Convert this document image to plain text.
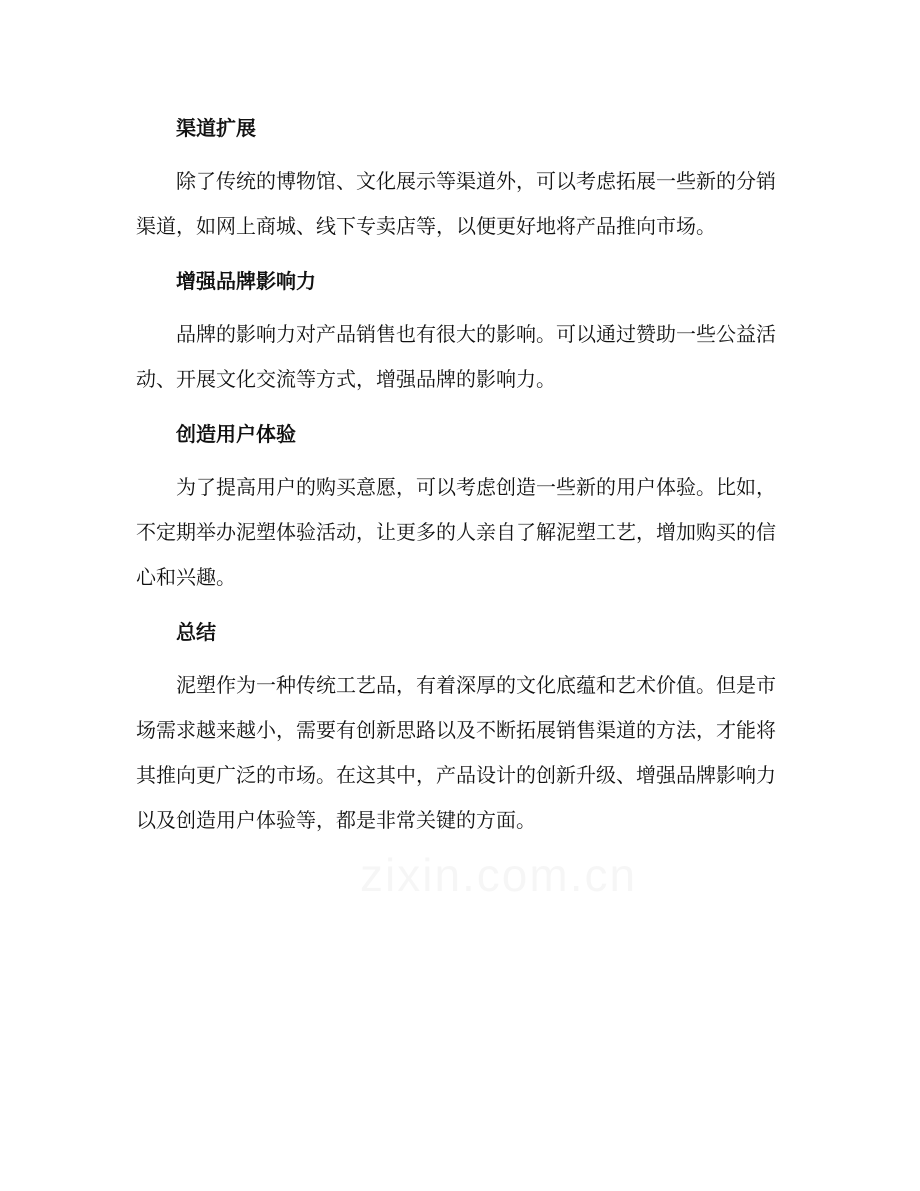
渠道扩展
除了传统的博物馆、文化展示等渠道外，可以考虑拓展一些新的分销渠道，如网上商城、线下专卖店等，以便更好地将产品推向市场。
增强品牌影响力
品牌的影响力对产品销售也有很大的影响。可以通过赞助一些公益活动、开展文化交流等方式，增强品牌的影响力。
创造用户体验
为了提高用户的购买意愿，可以考虑创造一些新的用户体验。比如，不定期举办泥塑体验活动，让更多的人亲自了解泥塑工艺，增加购买的信心和兴趣。
总结
泥塑作为一种传统工艺品，有着深厚的文化底蕴和艺术价值。但是市场需求越来越小，需要有创新思路以及不断拓展销售渠道的方法，才能将其推向更广泛的市场。在这其中，产品设计的创新升级、增强品牌影响力以及创造用户体验等，都是非常关键的方面。
